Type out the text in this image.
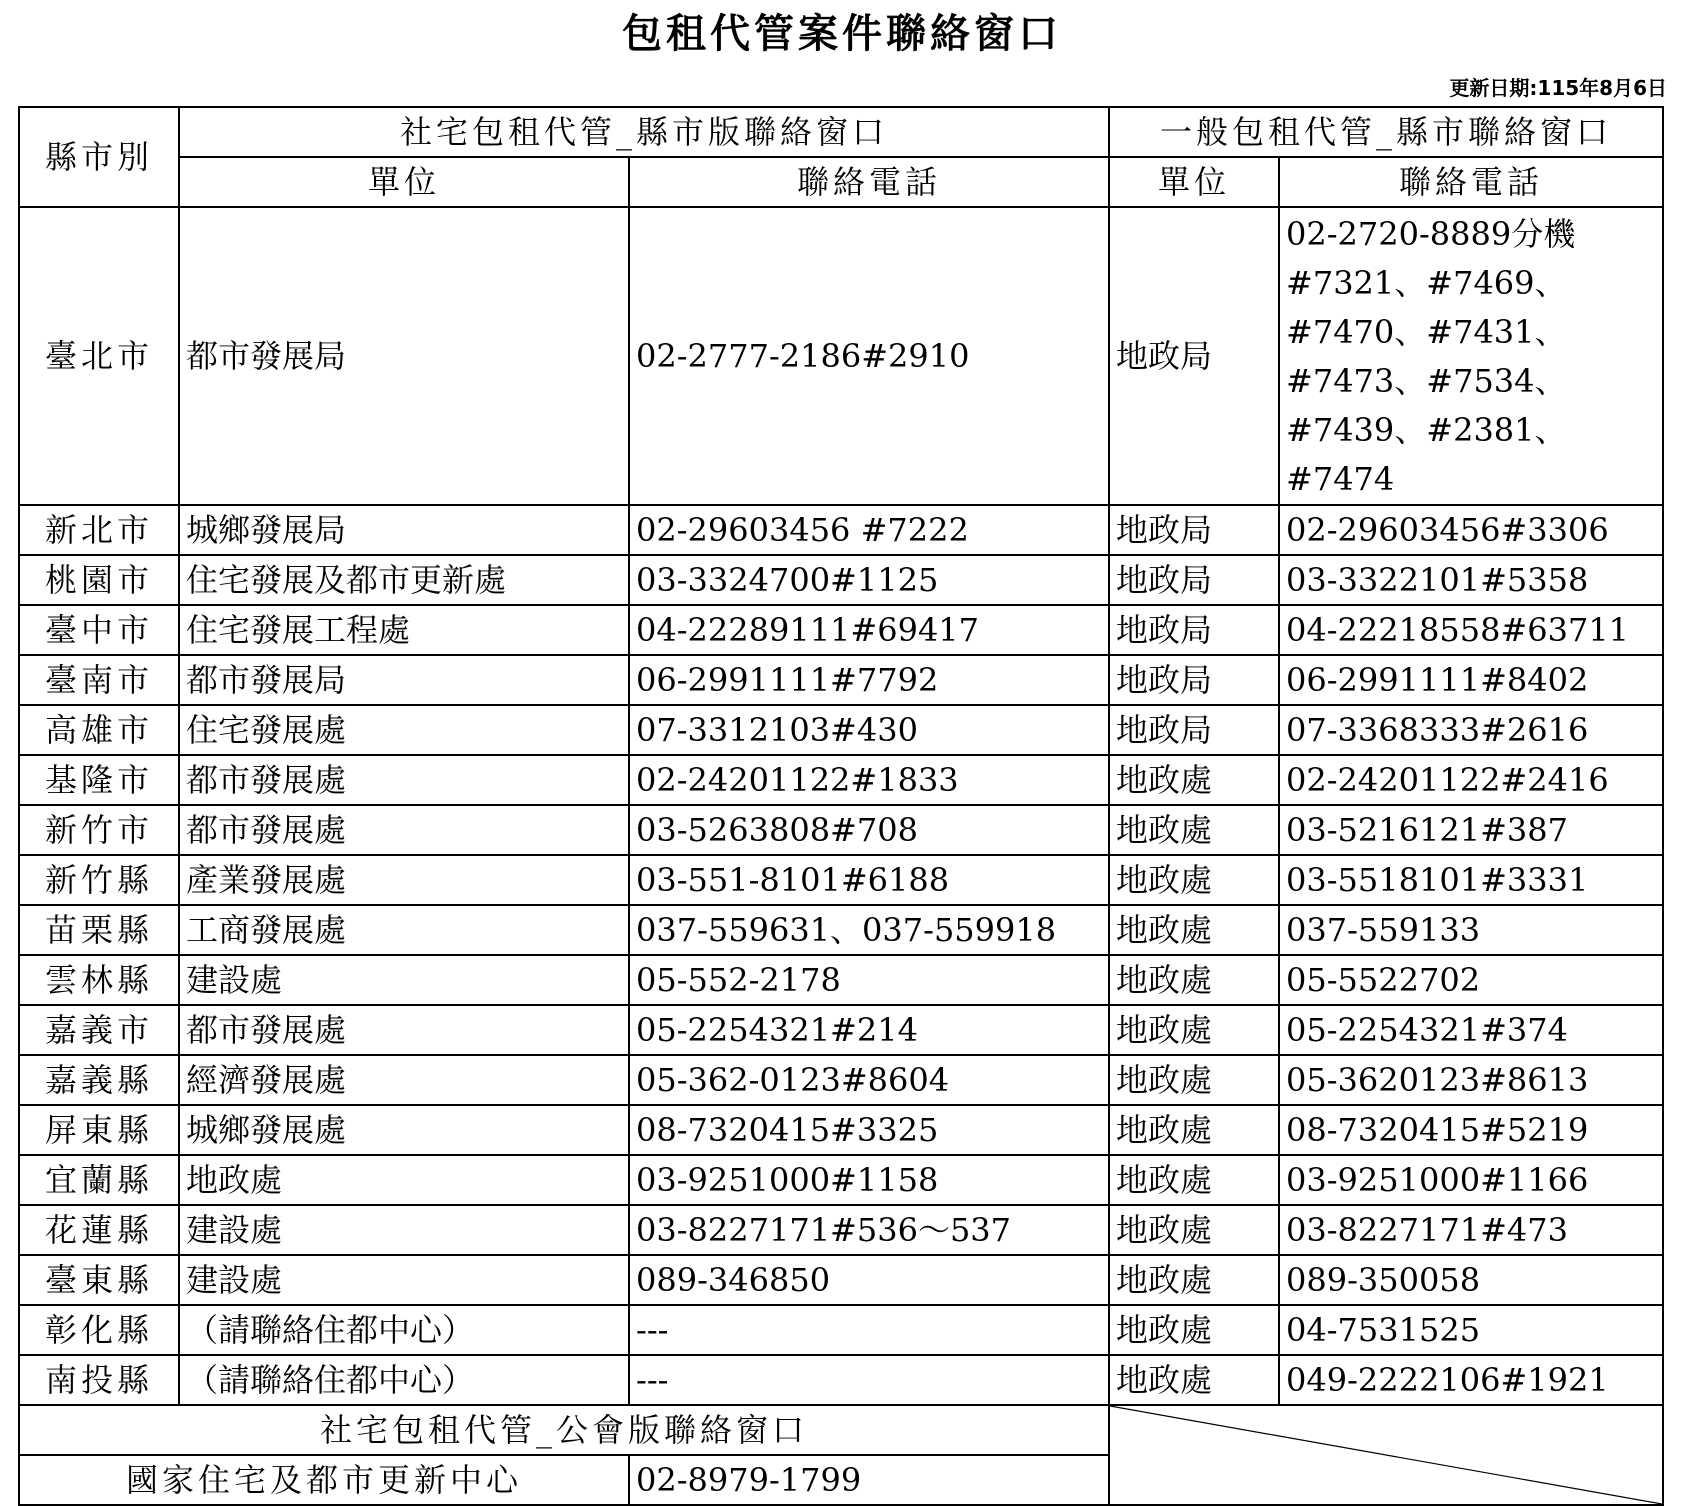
包租代管案件聯絡窗口
更新日期:115年8月6日
縣市別	社宅包租代管_縣市版聯絡窗口		一般包租代管_縣市聯絡窗口	
	單位	聯絡電話	單位	聯絡電話
臺北市	都市發展局	02-2777-2186#2910	地政局	02-2720-8889分機
#7321、#7469、
#7470、#7431、
#7473、#7534、
#7439、#2381、#7474

新北市	城鄉發展局	02-29603456 #7222	地政局	02-29603456#3306
桃園市	住宅發展及都市更新處	03-3324700#1125	地政局	03-3322101#5358
臺中市	住宅發展工程處	04-22289111#69417	地政局	04-22218558#63711
臺南市	都市發展局	06-2991111#7792	地政局	06-2991111#8402
高雄市	住宅發展處	07-3312103#430	地政局	07-3368333#2616
基隆市	都市發展處	02-24201122#1833	地政處	02-24201122#2416
新竹市	都市發展處	03-5263808#708	地政處	03-5216121#387
新竹縣	產業發展處	03-551-8101#6188	地政處	03-5518101#3331
苗栗縣	工商發展處	037-559631、037-559918	地政處	037-559133
雲林縣	建設處	05-552-2178	地政處	05-5522702
嘉義市	都市發展處	05-2254321#214	地政處	05-2254321#374
嘉義縣	經濟發展處	05-362-0123#8604	地政處	05-3620123#8613
屏東縣	城鄉發展處	08-7320415#3325	地政處	08-7320415#5219
宜蘭縣	地政處	03-9251000#1158	地政處	03-9251000#1166
花蓮縣	建設處	03-8227171#536～537	地政處	03-8227171#473
臺東縣	建設處	089-346850	地政處	089-350058
彰化縣	（請聯絡住都中心）	---	地政處	04-7531525
南投縣	（請聯絡住都中心）	---	地政處	049-2222106#1921
社宅包租代管_公會版聯絡窗口	

國家住宅及都市更新中心		02-8979-1799		
